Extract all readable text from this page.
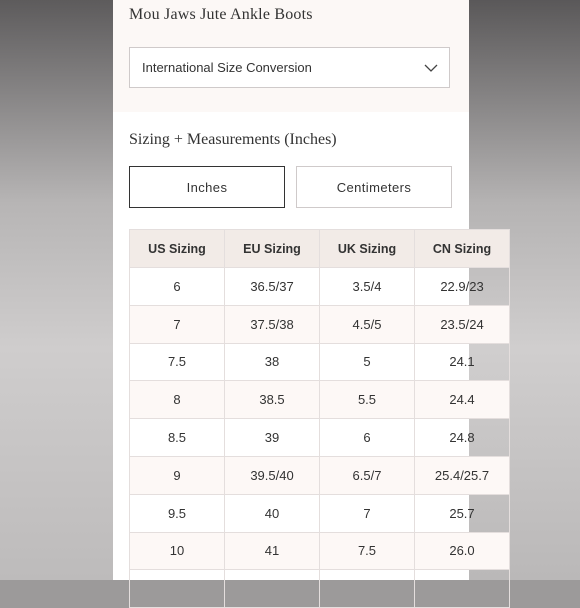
Mou Jaws Jute Ankle Boots
International Size Conversion
Sizing + Measurements (Inches)
Inches	Centimeters
US Sizing	EU Sizing	UK Sizing	CN Sizing
6	36.5/37	3.5/4	22.9/23
7	37.5/38	4.5/5	23.5/24
7.5	38	5	24.1
8	38.5	5.5	24.4
8.5	39	6	24.8
9	39.5/40	6.5/7	25.4/25.7
9.5	40	7	25.7
10	41	7.5	26.0
